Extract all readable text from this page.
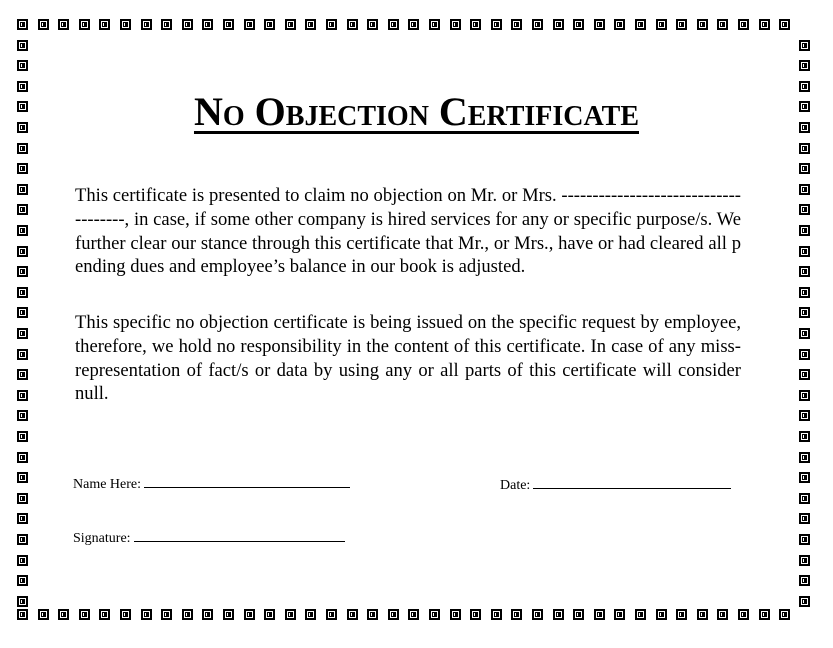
No Objection Certificate

This certificate is presented to claim no objection on Mr. or Mrs. -------------------------------------, in case, if some other company is hired services for any or specific purpose/s. We further clear our stance through this certificate that Mr., or Mrs., have or had cleared all pending dues and employee’s balance in our book is adjusted.

This specific no objection certificate is being issued on the specific request by employee, therefore, we hold no responsibility in the content of this certificate. In case of any miss-representation of fact/s or data by using any or all parts of this certificate will consider null.

Name Here:	Date:
Signature:
